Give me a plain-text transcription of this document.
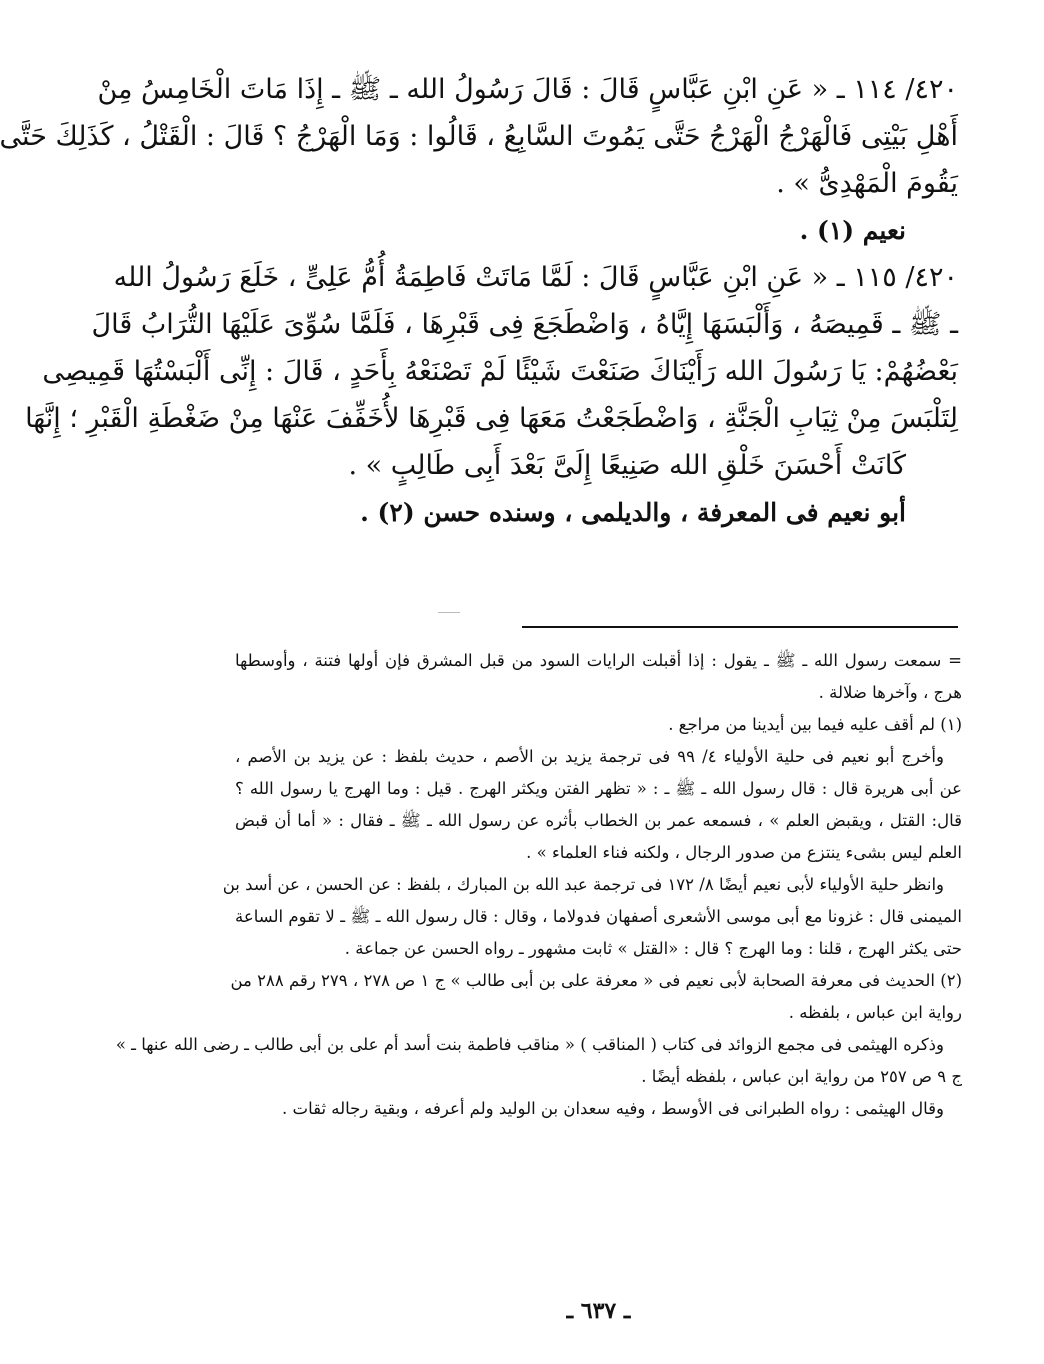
٤٢٠/ ١١٤ ـ « عَنِ ابْنِ عَبَّاسٍ قَالَ : قَالَ رَسُولُ الله ـ ﷺ ـ إِذَا مَاتَ الْخَامِسُ مِنْ
أَهْلِ بَيْتِى فَالْهَرْجُ الْهَرْجُ حَتَّى يَمُوتَ السَّابِعُ ، قَالُوا : وَمَا الْهَرْجُ ؟ قَالَ : الْقَتْلُ ، كَذَلِكَ حَتَّى
يَقُومَ الْمَهْدِىُّ » .
نعيم (١) .
٤٢٠/ ١١٥ ـ « عَنِ ابْنِ عَبَّاسٍ قَالَ : لَمَّا مَاتَتْ فَاطِمَةُ أُمُّ عَلِىٍّ ، خَلَعَ رَسُولُ الله
ـ ﷺ ـ قَمِيصَهُ ، وَأَلْبَسَهَا إِيَّاهُ ، وَاضْطَجَعَ فِى قَبْرِهَا ، فَلَمَّا سُوِّىَ عَلَيْهَا التُّرَابُ قَالَ
بَعْضُهُمْ: يَا رَسُولَ الله رَأَيْنَاكَ صَنَعْتَ شَيْئًا لَمْ تَصْنَعْهُ بِأَحَدٍ ، قَالَ : إِنِّى أَلْبَسْتُهَا قَمِيصِى
لِتَلْبَسَ مِنْ ثِيَابِ الْجَنَّةِ ، وَاضْطَجَعْتُ مَعَهَا فِى قَبْرِهَا لأُخَفِّفَ عَنْهَا مِنْ ضَغْطَةِ الْقَبْرِ ؛ إِنَّهَا
كَانَتْ أَحْسَنَ خَلْقِ الله صَنِيعًا إِلَىَّ بَعْدَ أَبِى طَالِبٍ » .
أبو نعيم فى المعرفة ، والديلمى ، وسنده حسن (٢) .
= سمعت رسول الله ـ ﷺ ـ يقول : إذا أقبلت الرايات السود من قبل المشرق فإن أولها فتنة ، وأوسطها
هرج ، وآخرها ضلالة .
(١) لم أقف عليه فيما بين أيدينا من مراجع .
وأخرج أبو نعيم فى حلية الأولياء ٤/ ٩٩ فى ترجمة يزيد بن الأصم ، حديث بلفظ : عن يزيد بن الأصم ،
عن أبى هريرة قال : قال رسول الله ـ ﷺ ـ : « تظهر الفتن ويكثر الهرج . قيل : وما الهرج يا رسول الله ؟
قال: القتل ، ويقبض العلم » ، فسمعه عمر بن الخطاب بأثره عن رسول الله ـ ﷺ ـ فقال : « أما أن قبض
العلم ليس بشىء ينتزع من صدور الرجال ، ولكنه فناء العلماء » .
وانظر حلية الأولياء لأبى نعيم أيضًا ٨/ ١٧٢ فى ترجمة عبد الله بن المبارك ، بلفظ : عن الحسن ، عن أسد بن
الميمنى قال : غزونا مع أبى موسى الأشعرى أصفهان فدولاما ، وقال : قال رسول الله ـ ﷺ ـ لا تقوم الساعة
حتى يكثر الهرج ، قلنا : وما الهرج ؟ قال : «القتل » ثابت مشهور ـ رواه الحسن عن جماعة .
(٢) الحديث فى معرفة الصحابة لأبى نعيم فى « معرفة على بن أبى طالب » ج ١ ص ٢٧٨ ، ٢٧٩ رقم ٢٨٨ من
رواية ابن عباس ، بلفظه .
وذكره الهيثمى فى مجمع الزوائد فى كتاب ( المناقب ) « مناقب فاطمة بنت أسد أم على بن أبى طالب ـ رضى الله عنها ـ »
ج ٩ ص ٢٥٧ من رواية ابن عباس ، بلفظه أيضًا .
وقال الهيثمى : رواه الطبرانى فى الأوسط ، وفيه سعدان بن الوليد ولم أعرفه ، وبقية رجاله ثقات .
ـ ٦٣٧ ـ
